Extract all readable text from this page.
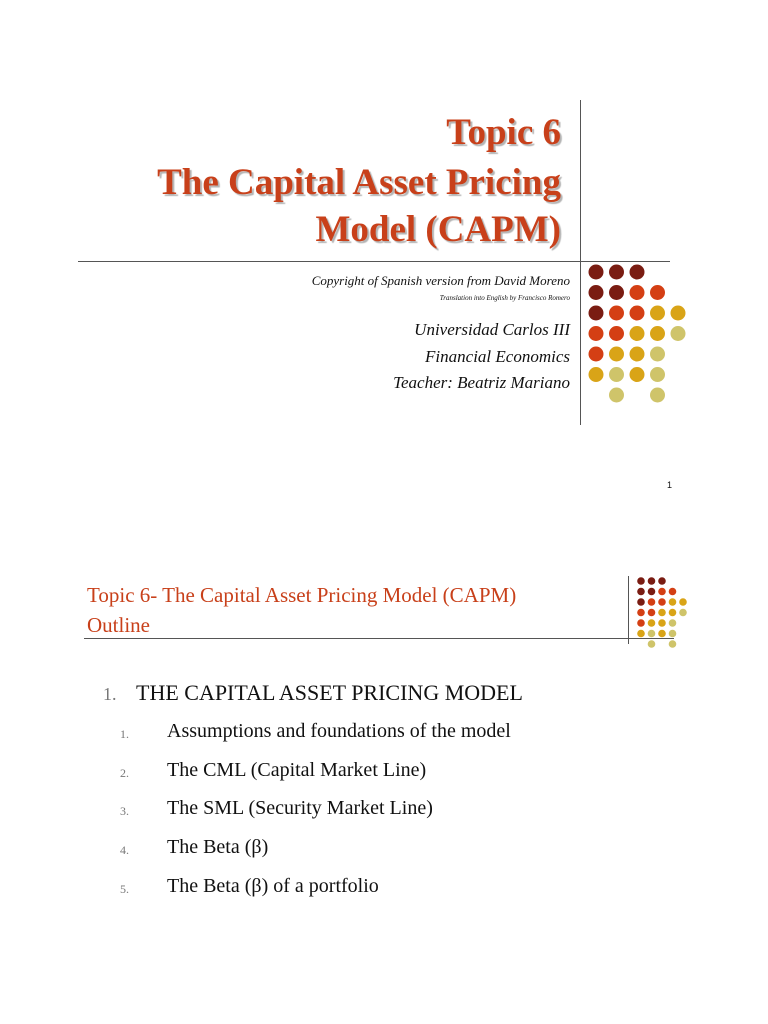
Topic 6
The Capital Asset Pricing
Model (CAPM)
Copyright of Spanish version from David Moreno
Translation into English by Francisco Romero
Universidad Carlos III
Financial Economics
Teacher: Beatriz Mariano
1
Topic 6- The Capital Asset Pricing Model (CAPM)
Outline
1. THE CAPITAL ASSET PRICING MODEL
1. Assumptions and foundations of the model
2. The CML (Capital Market Line)
3. The SML (Security Market Line)
4. The Beta (β)
5. The Beta (β) of a portfolio
